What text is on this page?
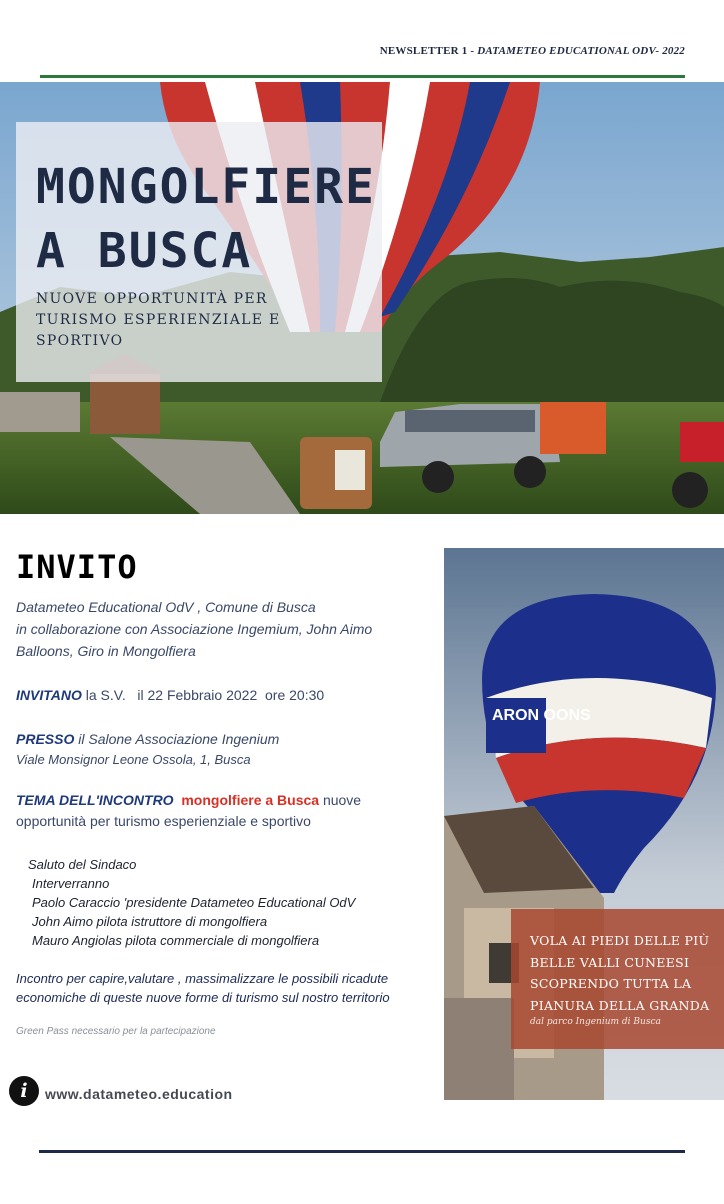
NEWSLETTER 1 - DATAMETEO EDUCATIONAL ODV- 2022
MONGOLFIERE
A BUSCA
NUOVE OPPORTUNITÀ PER
TURISMO ESPERIENZIALE E
SPORTIVO
INVITO
Datameteo Educational OdV , Comune di Busca
in collaborazione con Associazione Ingemium, John Aimo
Balloons, Giro in Mongolfiera
INVITANO la S.V.   il 22 Febbraio 2022  ore 20:30
PRESSO il Salone Associazione Ingenium
Viale Monsignor Leone Ossola, 1, Busca
TEMA DELL'INCONTRO mongolfiere a Busca nuove
opportunità per turismo esperienziale e sportivo
Saluto del Sindaco
Interverranno
Paolo Caraccio 'presidente Datameteo Educational OdV
John Aimo pilota istruttore di mongolfiera
Mauro Angiolas pilota commerciale di mongolfiera
Incontro per capire,valutare , massimalizzare le possibili ricadute
economiche di queste nuove forme di turismo sul nostro territorio
Green Pass necessario per la partecipazione
i	www.datameteo.education
ARON OONS
VOLA AI PIEDI DELLE PIÙ
BELLE VALLI CUNEESI
SCOPRENDO TUTTA LA
PIANURA DELLA GRANDA
dal parco Ingenium di Busca
